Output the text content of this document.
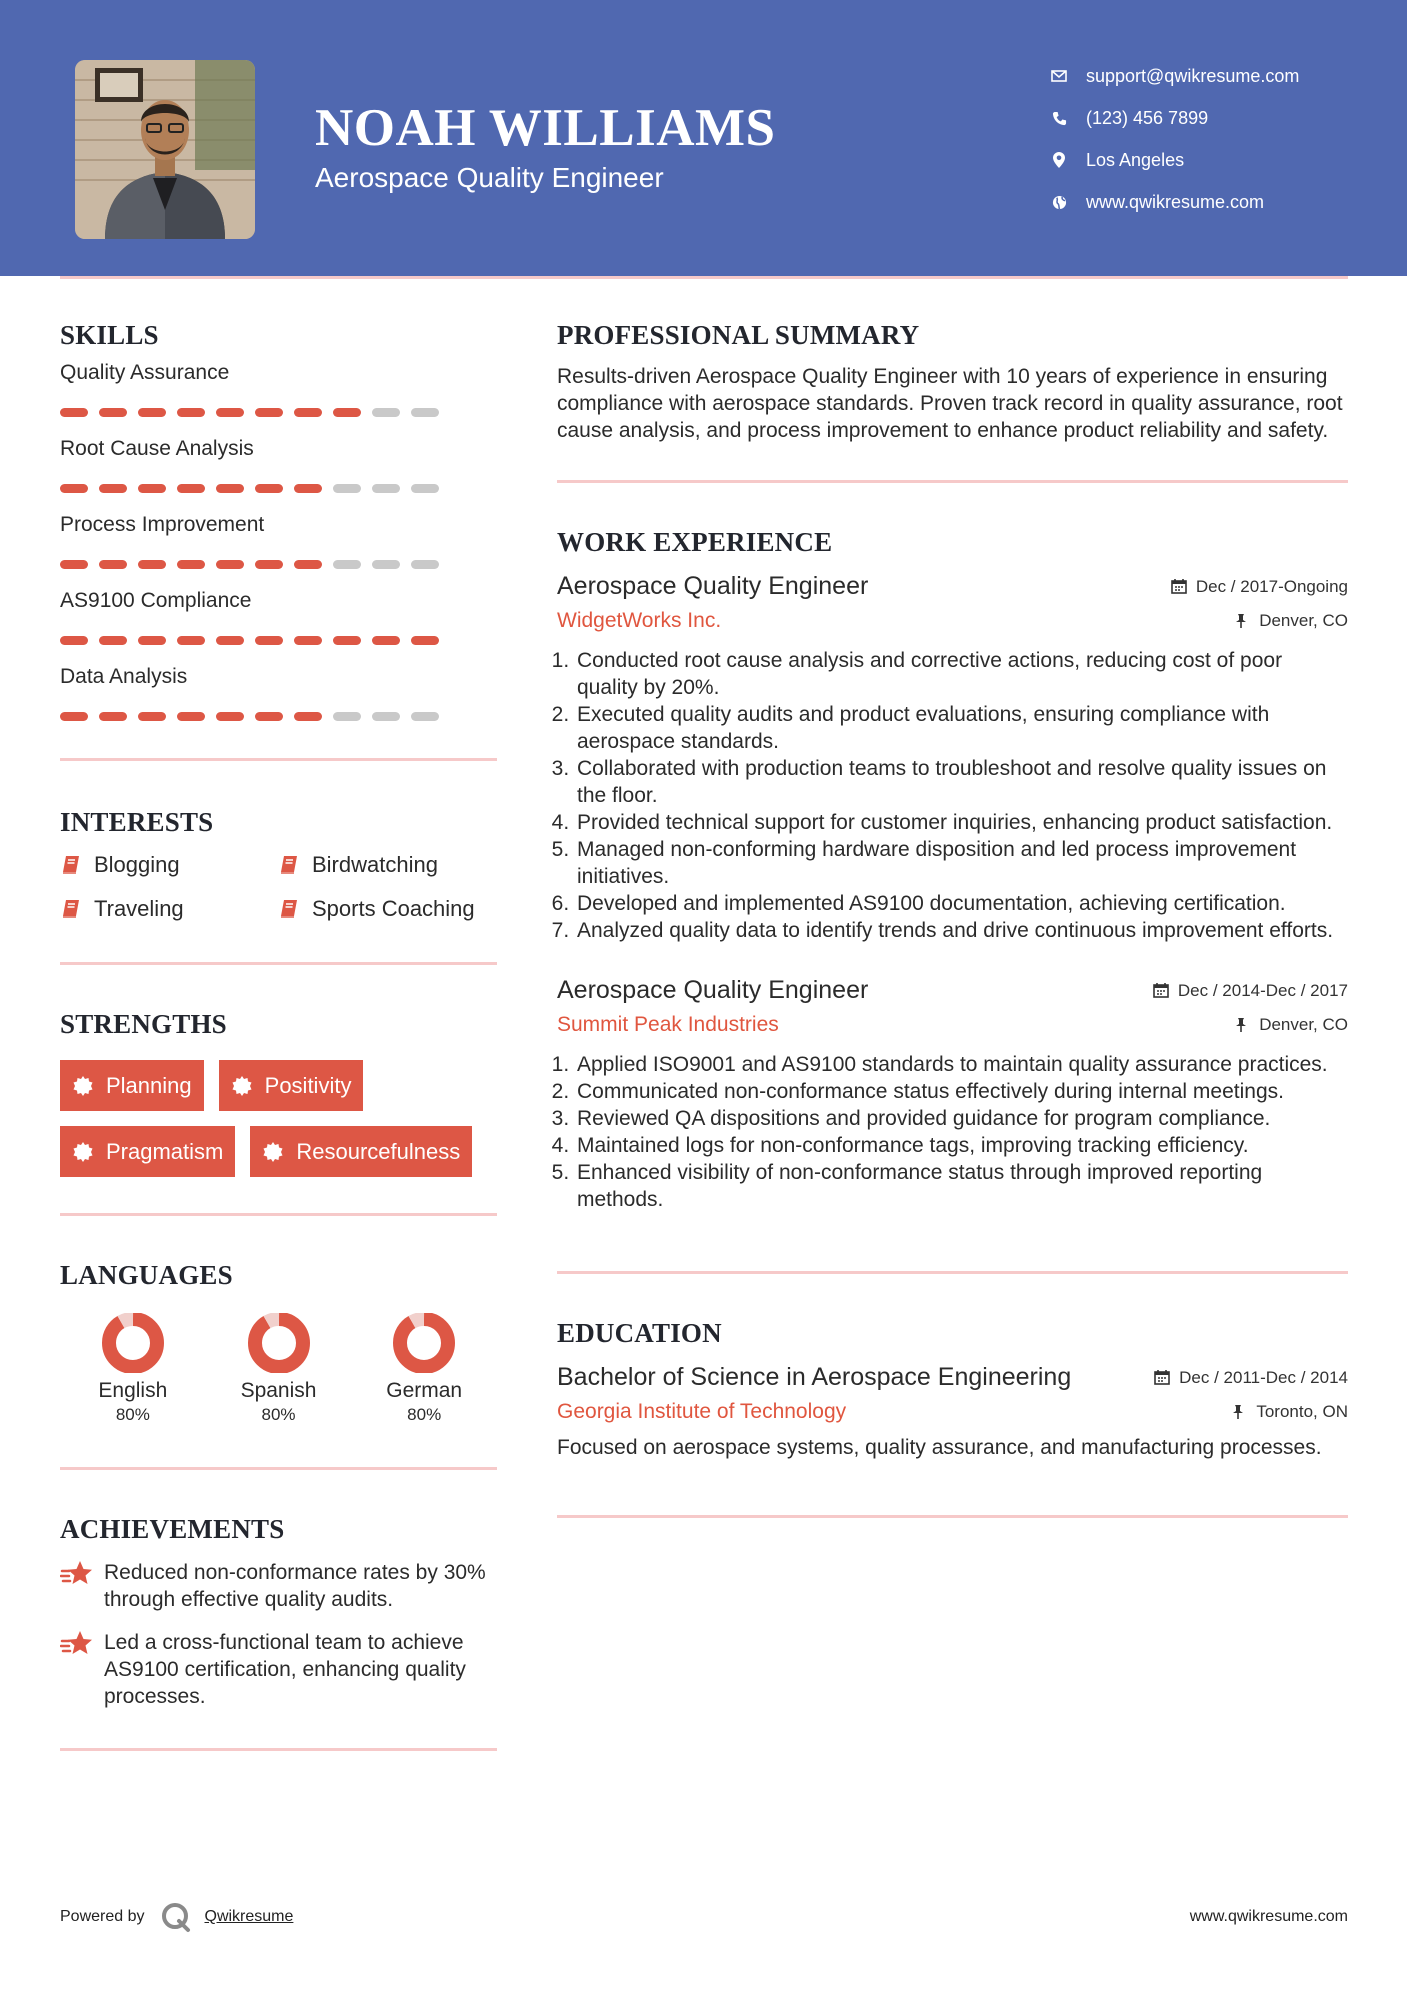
NOAH WILLIAMS
Aerospace Quality Engineer
support@qwikresume.com
(123) 456 7899
Los Angeles
www.qwikresume.com
SKILLS
Quality Assurance
Root Cause Analysis
Process Improvement
AS9100 Compliance
Data Analysis
INTERESTS
Blogging	Birdwatching
Traveling	Sports Coaching
STRENGTHS
Planning	Positivity
Pragmatism	Resourcefulness
LANGUAGES
English
80%
Spanish
80%
German
80%
ACHIEVEMENTS
Reduced non-conformance rates by 30% through effective quality audits.
Led a cross-functional team to achieve AS9100 certification, enhancing quality processes.
PROFESSIONAL SUMMARY
Results-driven Aerospace Quality Engineer with 10 years of experience in ensuring compliance with aerospace standards. Proven track record in quality assurance, root cause analysis, and process improvement to enhance product reliability and safety.
WORK EXPERIENCE
Aerospace Quality Engineer	Dec / 2017-Ongoing
WidgetWorks Inc.	Denver, CO
1. Conducted root cause analysis and corrective actions, reducing cost of poor quality by 20%.
2. Executed quality audits and product evaluations, ensuring compliance with aerospace standards.
3. Collaborated with production teams to troubleshoot and resolve quality issues on the floor.
4. Provided technical support for customer inquiries, enhancing product satisfaction.
5. Managed non-conforming hardware disposition and led process improvement initiatives.
6. Developed and implemented AS9100 documentation, achieving certification.
7. Analyzed quality data to identify trends and drive continuous improvement efforts.
Aerospace Quality Engineer	Dec / 2014-Dec / 2017
Summit Peak Industries	Denver, CO
1. Applied ISO9001 and AS9100 standards to maintain quality assurance practices.
2. Communicated non-conformance status effectively during internal meetings.
3. Reviewed QA dispositions and provided guidance for program compliance.
4. Maintained logs for non-conformance tags, improving tracking efficiency.
5. Enhanced visibility of non-conformance status through improved reporting methods.
EDUCATION
Bachelor of Science in Aerospace Engineering	Dec / 2011-Dec / 2014
Georgia Institute of Technology	Toronto, ON
Focused on aerospace systems, quality assurance, and manufacturing processes.
Powered by	Qwikresume	www.qwikresume.com
